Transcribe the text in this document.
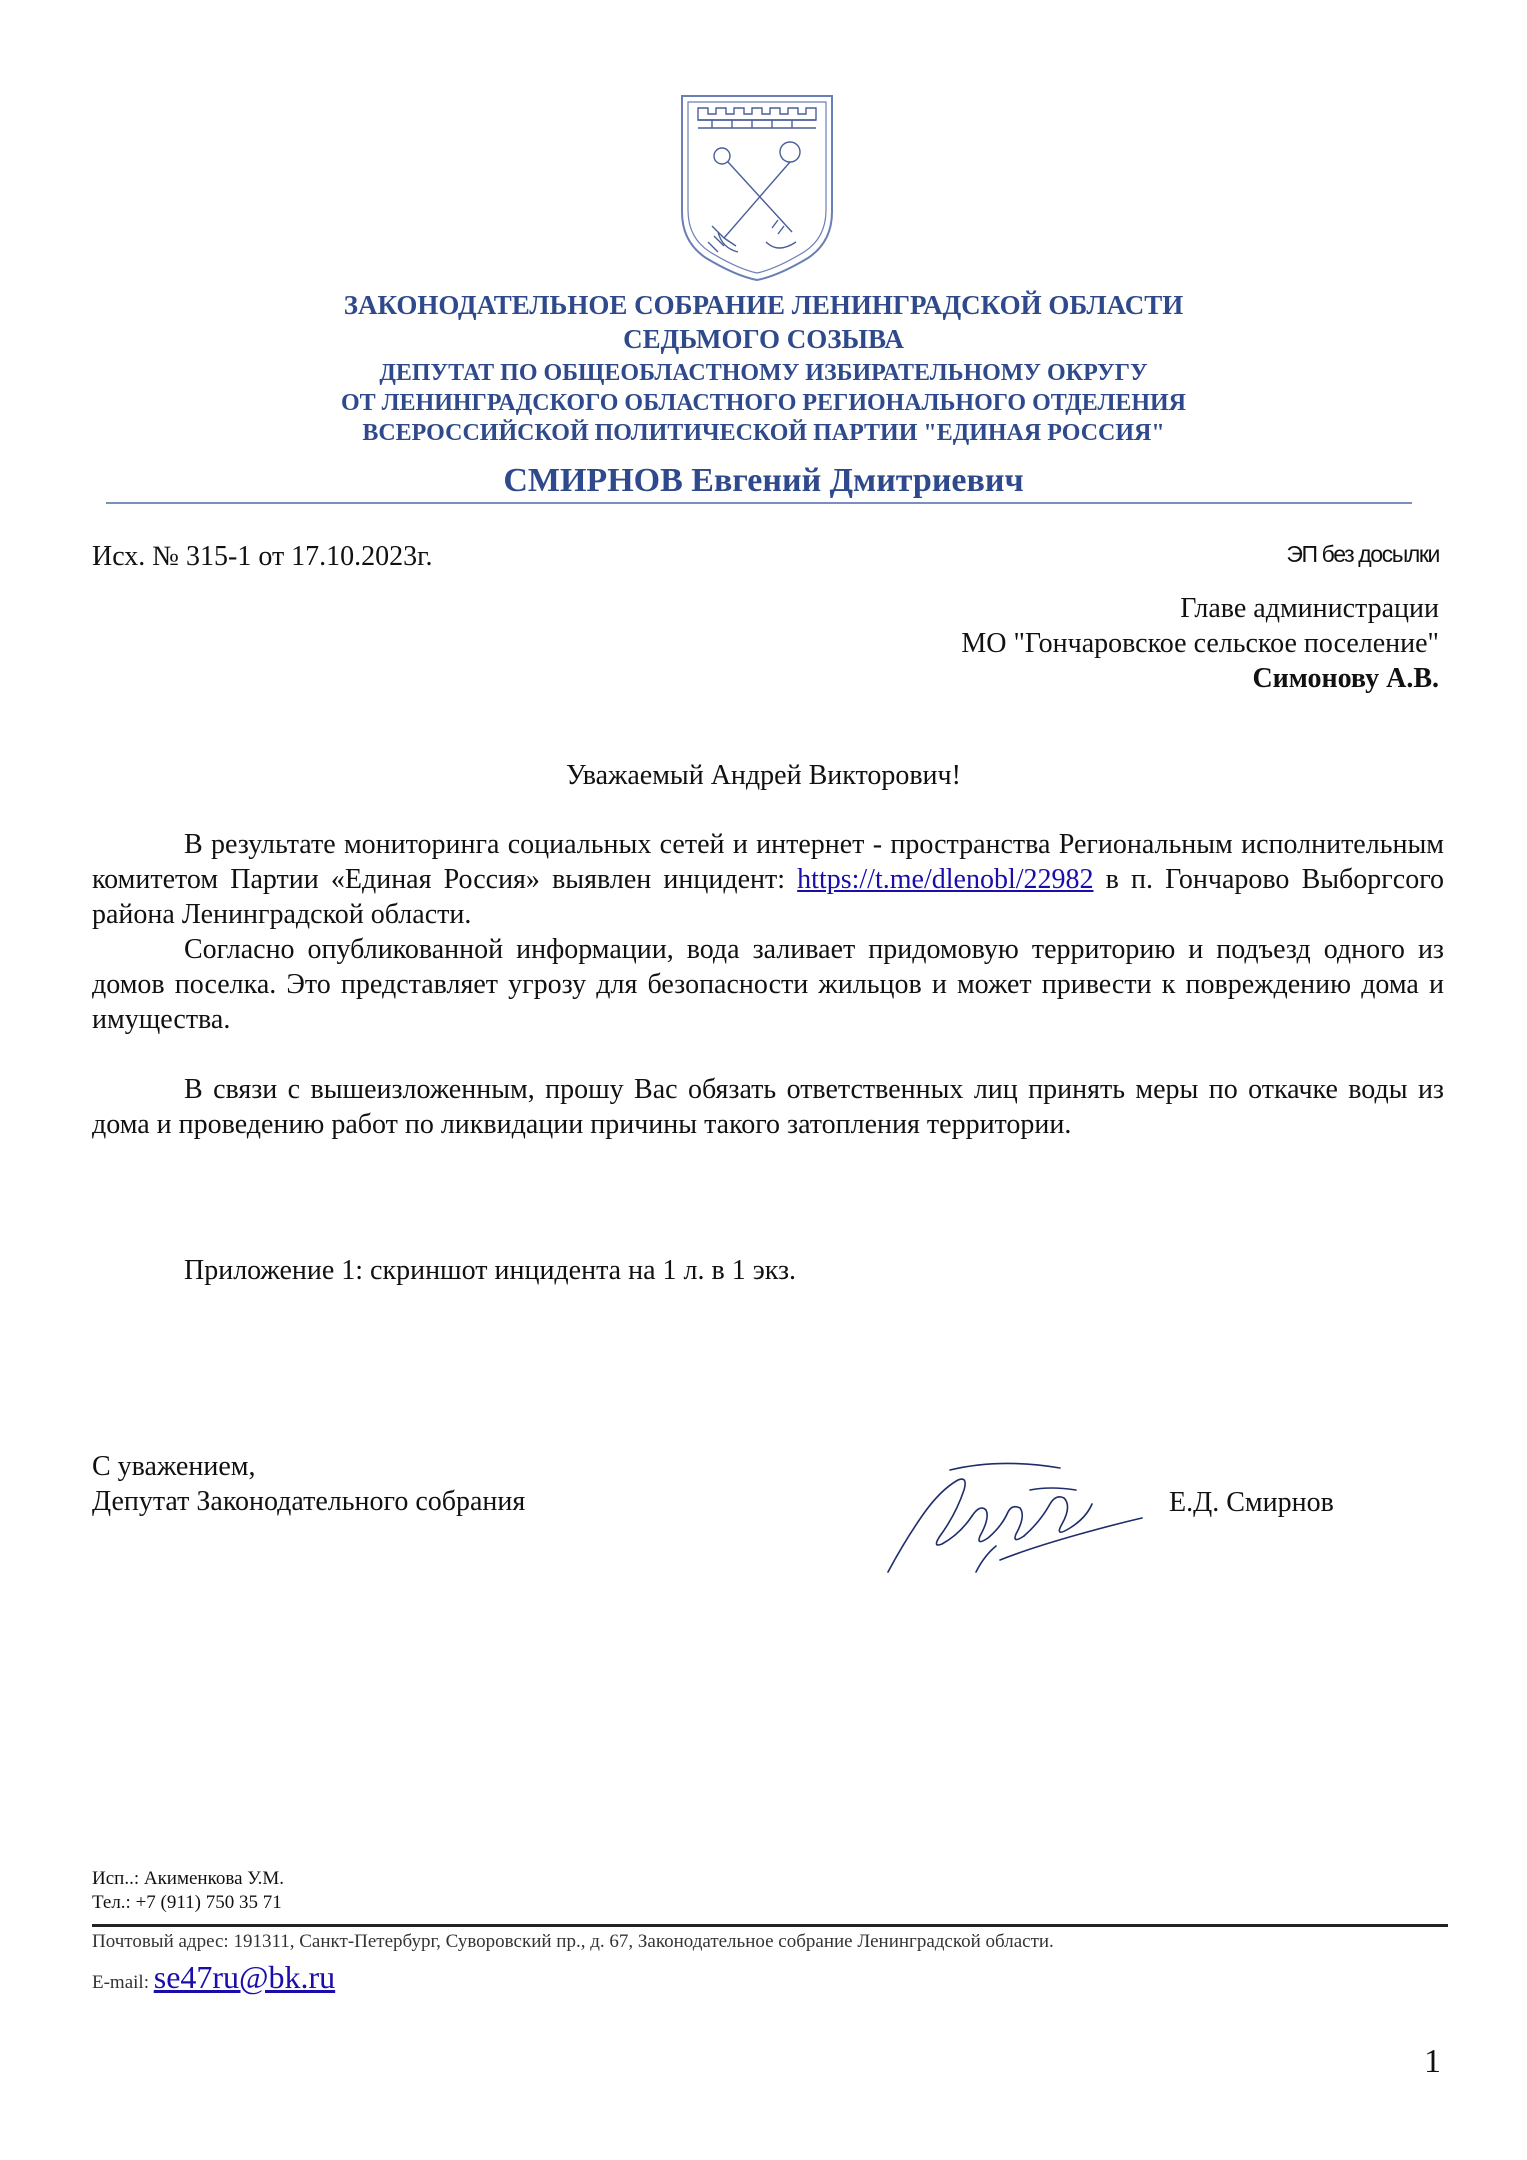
ЗАКОНОДАТЕЛЬНОЕ СОБРАНИЕ ЛЕНИНГРАДСКОЙ ОБЛАСТИ
СЕДЬМОГО СОЗЫВА
ДЕПУТАТ ПО ОБЩЕОБЛАСТНОМУ ИЗБИРАТЕЛЬНОМУ ОКРУГУ
ОТ ЛЕНИНГРАДСКОГО ОБЛАСТНОГО РЕГИОНАЛЬНОГО ОТДЕЛЕНИЯ
ВСЕРОССИЙСКОЙ ПОЛИТИЧЕСКОЙ ПАРТИИ "ЕДИНАЯ РОССИЯ"
СМИРНОВ Евгений Дмитриевич
Исх. № 315-1 от 17.10.2023г.	ЭП без досылки
Главе администрации
МО "Гончаровское сельское поселение"
Симонову А.В.
Уважаемый Андрей Викторович!

В результате мониторинга социальных сетей и интернет - пространства Региональным исполнительным комитетом Партии «Единая Россия» выявлен инцидент: https://t.me/dlenobl/22982 в п. Гончарово Выборгсого района Ленинградской области.

Согласно опубликованной информации, вода заливает придомовую территорию и подъезд одного из домов поселка. Это представляет угрозу для безопасности жильцов и может привести к повреждению дома и имущества.

В связи с вышеизложенным, прошу Вас обязать ответственных лиц принять меры по откачке воды из дома и проведению работ по ликвидации причины такого затопления территории.

Приложение 1: скриншот инцидента на 1 л. в 1 экз.
С уважением,
Депутат Законодательного собрания	Е.Д. Смирнов
Исп..: Акименкова У.М.
Тел.: +7 (911) 750 35 71
Почтовый адрес: 191311, Санкт-Петербург, Суворовский пр., д. 67, Законодательное собрание Ленинградской области.
E-mail: se47ru@bk.ru
1
